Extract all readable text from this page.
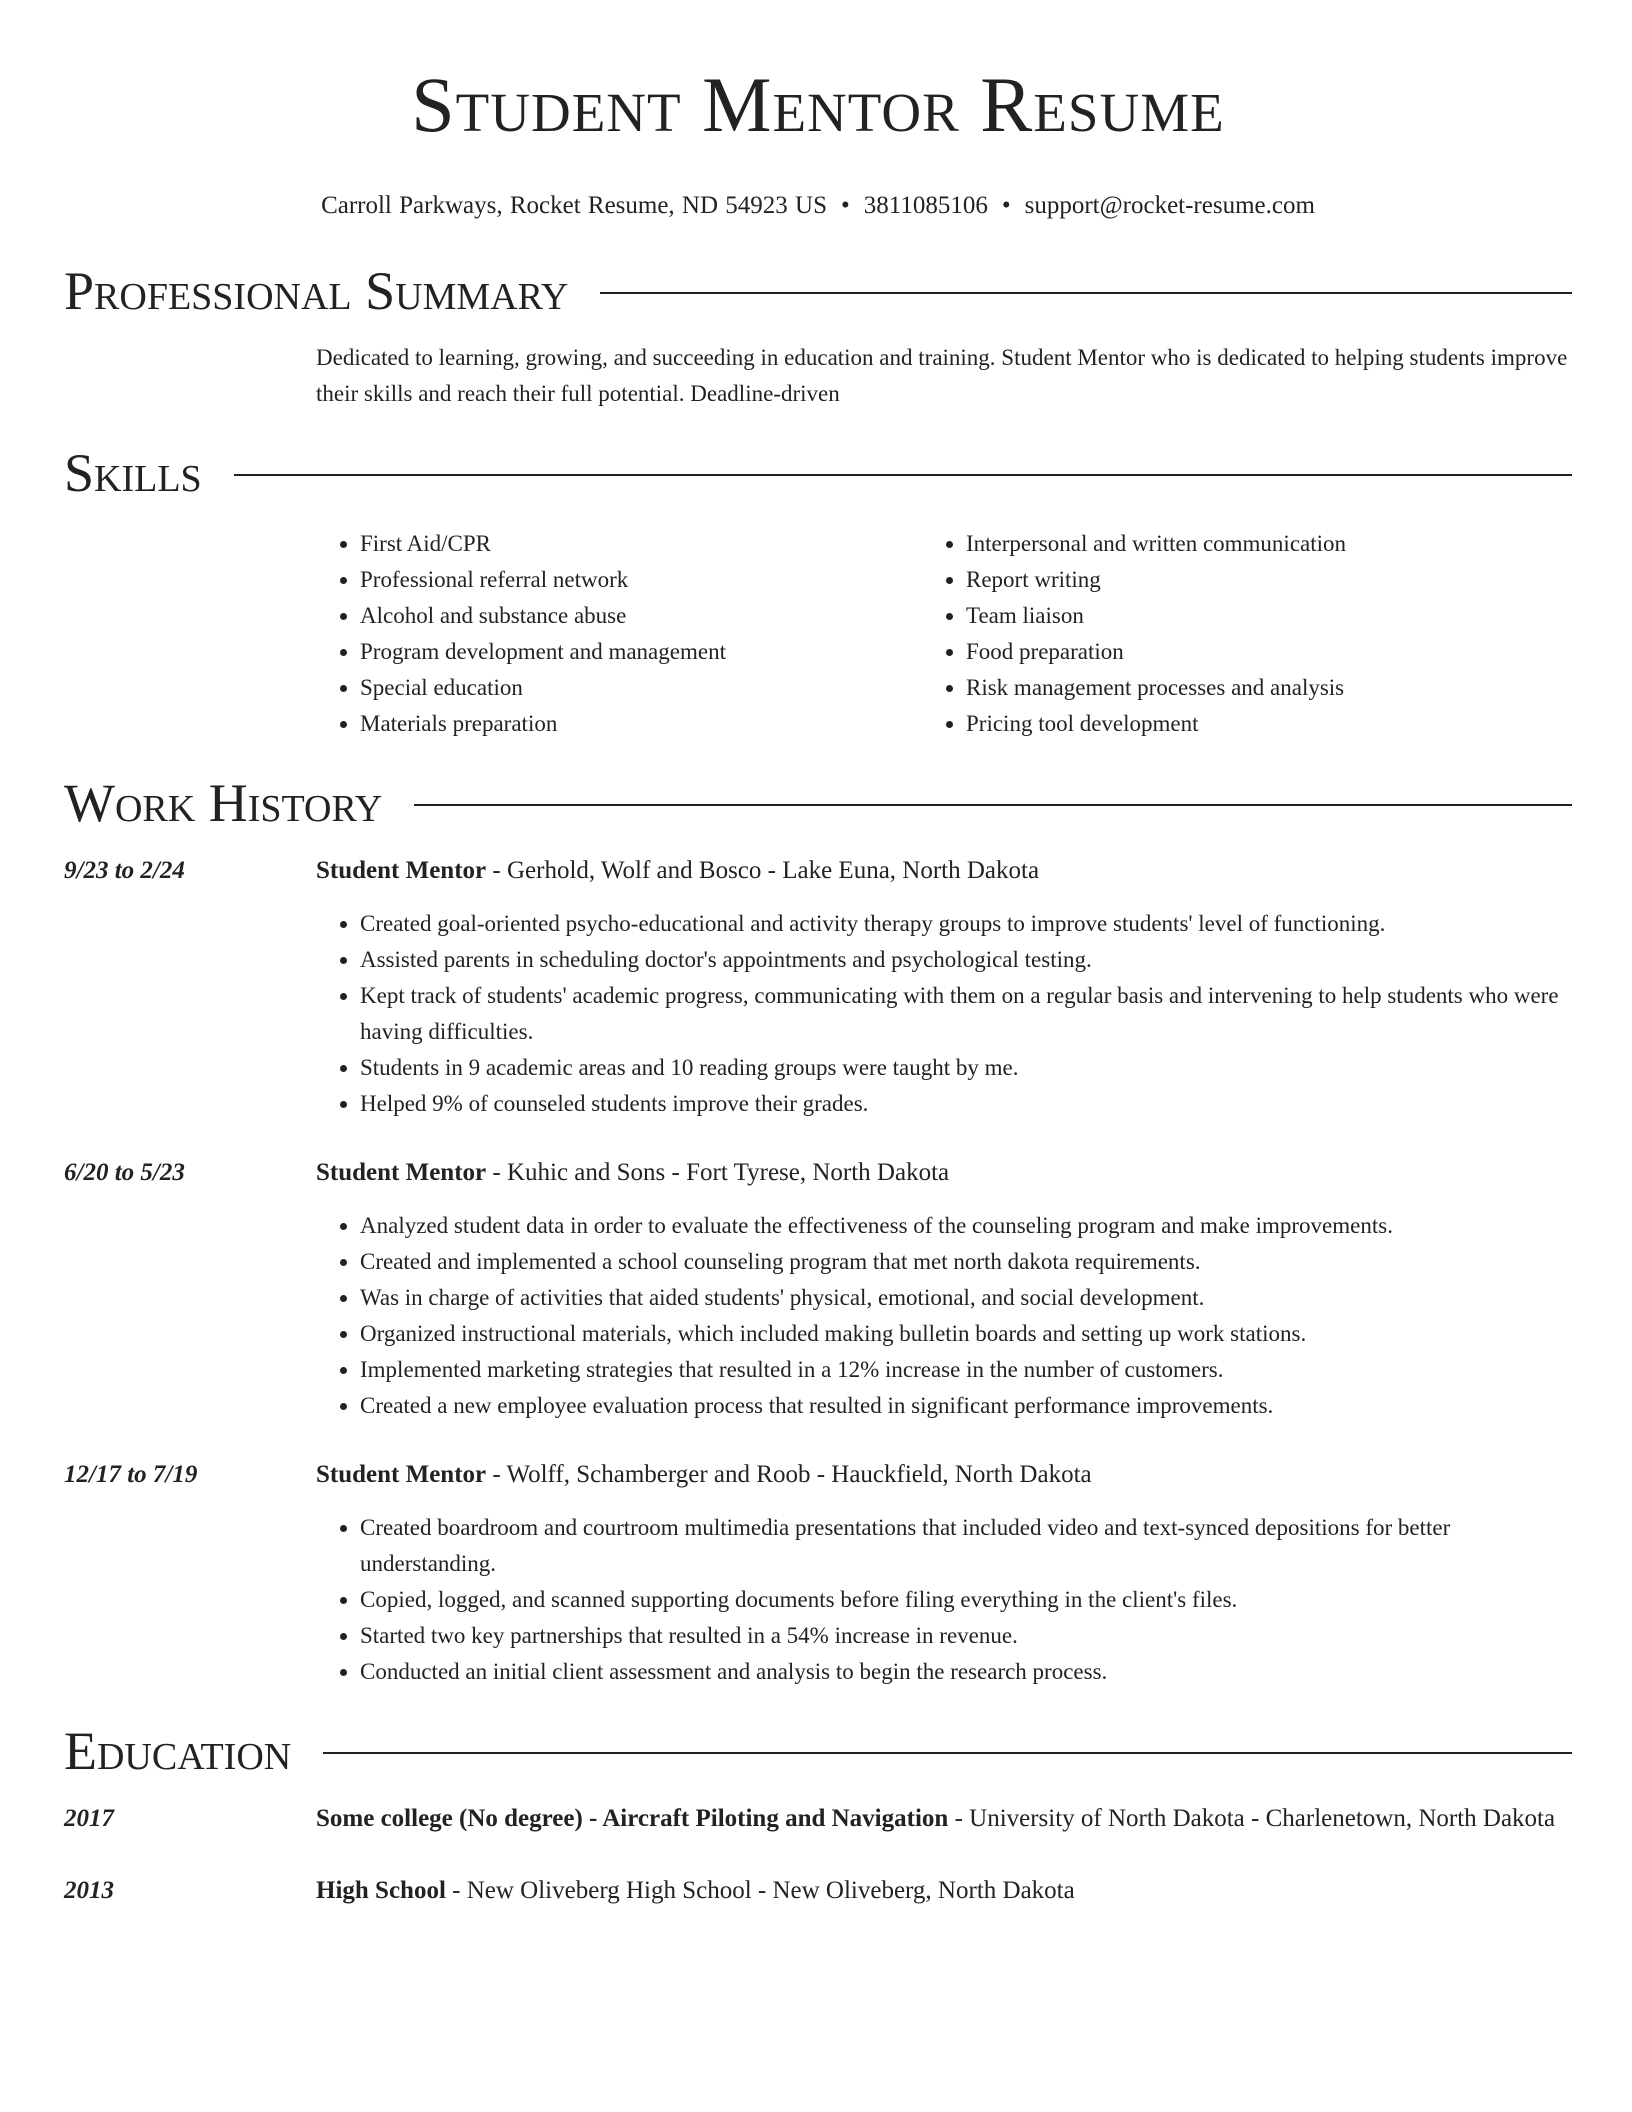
Student Mentor Resume
Carroll Parkways, Rocket Resume, ND 54923 US • 3811085106 • support@rocket-resume.com
Professional Summary
Dedicated to learning, growing, and succeeding in education and training. Student Mentor who is dedicated to helping students improve their skills and reach their full potential. Deadline-driven
Skills
• First Aid/CPR
• Professional referral network
• Alcohol and substance abuse
• Program development and management
• Special education
• Materials preparation
• Interpersonal and written communication
• Report writing
• Team liaison
• Food preparation
• Risk management processes and analysis
• Pricing tool development
Work History
9/23 to 2/24	Student Mentor - Gerhold, Wolf and Bosco - Lake Euna, North Dakota
• Created goal-oriented psycho-educational and activity therapy groups to improve students' level of functioning.
• Assisted parents in scheduling doctor's appointments and psychological testing.
• Kept track of students' academic progress, communicating with them on a regular basis and intervening to help students who were having difficulties.
• Students in 9 academic areas and 10 reading groups were taught by me.
• Helped 9% of counseled students improve their grades.
6/20 to 5/23	Student Mentor - Kuhic and Sons - Fort Tyrese, North Dakota
• Analyzed student data in order to evaluate the effectiveness of the counseling program and make improvements.
• Created and implemented a school counseling program that met north dakota requirements.
• Was in charge of activities that aided students' physical, emotional, and social development.
• Organized instructional materials, which included making bulletin boards and setting up work stations.
• Implemented marketing strategies that resulted in a 12% increase in the number of customers.
• Created a new employee evaluation process that resulted in significant performance improvements.
12/17 to 7/19	Student Mentor - Wolff, Schamberger and Roob - Hauckfield, North Dakota
• Created boardroom and courtroom multimedia presentations that included video and text-synced depositions for better understanding.
• Copied, logged, and scanned supporting documents before filing everything in the client's files.
• Started two key partnerships that resulted in a 54% increase in revenue.
• Conducted an initial client assessment and analysis to begin the research process.
Education
2017	Some college (No degree) - Aircraft Piloting and Navigation - University of North Dakota - Charlenetown, North Dakota
2013	High School - New Oliveberg High School - New Oliveberg, North Dakota
